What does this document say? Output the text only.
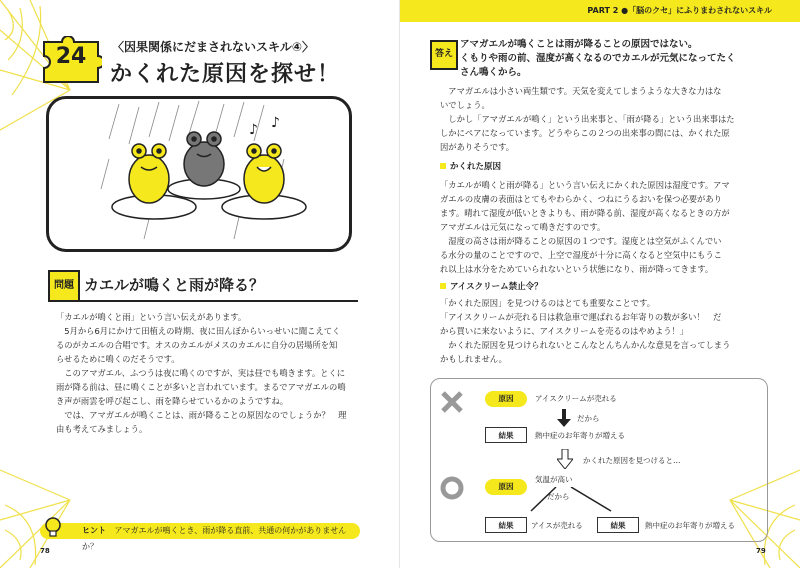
24	〈因果関係にだまされないスキル④〉
かくれた原因を探せ！
♪ ♪
問題 カエルが鳴くと雨が降る？

「カエルが鳴くと雨」という言い伝えがあります。

　5月から6月にかけて田植えの時期、夜に田んぼからいっせいに聞こえてく

るのがカエルの合唱です。オスのカエルがメスのカエルに自分の居場所を知

らせるために鳴くのだそうです。

　このアマガエル、ふつうは夜に鳴くのですが、実は昼でも鳴きます。とくに

雨が降る前は、昼に鳴くことが多いと言われています。まるでアマガエルの鳴

き声が雨雲を呼び起こし、雨を降らせているかのようですね。

　では、アマガエルが鳴くことは、雨が降ることの原因なのでしょうか？　理

由も考えてみましょう。

ヒント アマガエルが鳴くとき、雨が降る直前、共通の何かがありませんか？
78
PART 2 ●「脳のクセ」にふりまわされないスキル
答え
アマガエルが鳴くことは雨が降ることの原因ではない。
くもりや雨の前、湿度が高くなるのでカエルが元気になってたく
さん鳴くから。

　アマガエルは小さい両生類です。天気を変えてしまうような大きな力はな

いでしょう。

　しかし「アマガエルが鳴く」という出来事と、「雨が降る」という出来事はた

しかにペアになっています。どうやらこの２つの出来事の間には、かくれた原

因がありそうです。

かくれた原因

「カエルが鳴くと雨が降る」という言い伝えにかくれた原因は湿度です。アマ

ガエルの皮膚の表面はとてもやわらかく、つねにうるおいを保つ必要があり

ます。晴れて湿度が低いときよりも、雨が降る前、湿度が高くなるときの方が

アマガエルは元気になって鳴きだすのです。

　湿度の高さは雨が降ることの原因の１つです。湿度とは空気がふくんでい

る水分の量のことですので、上空で湿度が十分に高くなると空気中にもうこ

れ以上は水分をためていられないという状態になり、雨が降ってきます。

アイスクリーム禁止令？

「かくれた原因」を見つけるのはとても重要なことです。

「アイスクリームが売れる日は救急車で運ばれるお年寄りの数が多い！　だ

から買いに来ないように、アイスクリームを売るのはやめよう！」

　かくれた原因を見つけられないとこんなとんちんかんな意見を言ってしまう

かもしれません。

原因	アイスクリームが売れる
だから
結果	熱中症のお年寄りが増える
かくれた原因を見つけると…
原因
気温が高い
だから
結果	アイスが売れる	結果	熱中症のお年寄りが増える
79
